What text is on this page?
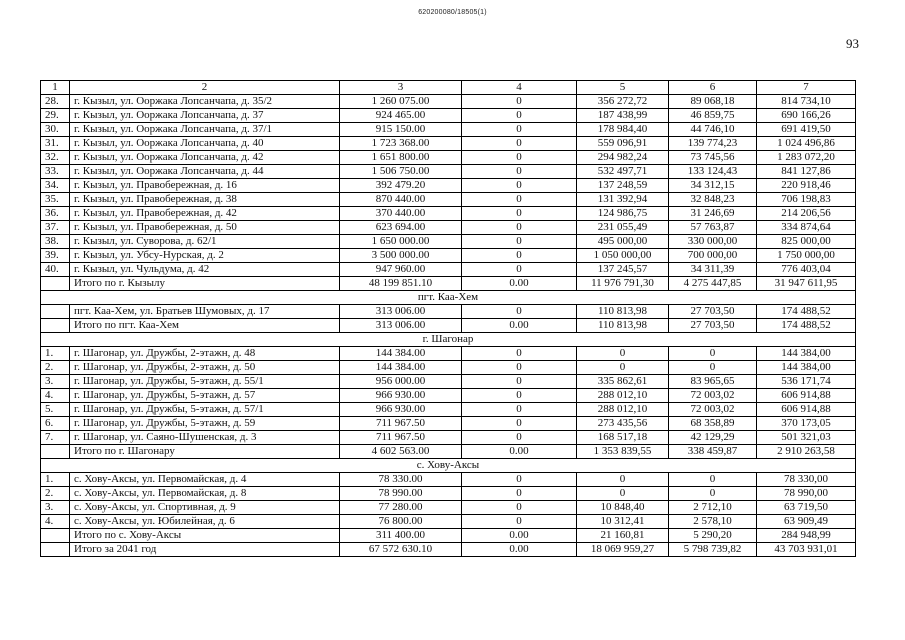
620200080/18505(1)
93
1	2	3	4	5	6	7
28.	г. Кызыл, ул. Ооржака Лопсанчапа, д. 35/2	1 260 075.00	0	356 272,72	89 068,18	814 734,10
29.	г. Кызыл, ул. Ооржака Лопсанчапа, д. 37	924 465.00	0	187 438,99	46 859,75	690 166,26
30.	г. Кызыл, ул. Ооржака Лопсанчапа, д. 37/1	915 150.00	0	178 984,40	44 746,10	691 419,50
31.	г. Кызыл, ул. Ооржака Лопсанчапа, д. 40	1 723 368.00	0	559 096,91	139 774,23	1 024 496,86
32.	г. Кызыл, ул. Ооржака Лопсанчапа, д. 42	1 651 800.00	0	294 982,24	73 745,56	1 283 072,20
33.	г. Кызыл, ул. Ооржака Лопсанчапа, д. 44	1 506 750.00	0	532 497,71	133 124,43	841 127,86
34.	г. Кызыл, ул. Правобережная, д. 16	392 479.20	0	137 248,59	34 312,15	220 918,46
35.	г. Кызыл, ул. Правобережная, д. 38	870 440.00	0	131 392,94	32 848,23	706 198,83
36.	г. Кызыл, ул. Правобережная, д. 42	370 440.00	0	124 986,75	31 246,69	214 206,56
37.	г. Кызыл, ул. Правобережная, д. 50	623 694.00	0	231 055,49	57 763,87	334 874,64
38.	г. Кызыл, ул. Суворова, д. 62/1	1 650 000.00	0	495 000,00	330 000,00	825 000,00
39.	г. Кызыл, ул. Убсу-Нурская, д. 2	3 500 000.00	0	1 050 000,00	700 000,00	1 750 000,00
40.	г. Кызыл, ул. Чульдума, д. 42	947 960.00	0	137 245,57	34 311,39	776 403,04
	Итого по г. Кызылу	48 199 851.10	0.00	11 976 791,30	4 275 447,85	31 947 611,95
пгт. Каа-Хем						
	пгт. Каа-Хем, ул. Братьев Шумовых, д. 17	313 006.00	0	110 813,98	27 703,50	174 488,52
	Итого по пгт. Каа-Хем	313 006.00	0.00	110 813,98	27 703,50	174 488,52
г. Шагонар						
1.	г. Шагонар, ул. Дружбы, 2-этажн, д. 48	144 384.00	0	0	0	144 384,00
2.	г. Шагонар, ул. Дружбы, 2-этажн, д. 50	144 384.00	0	0	0	144 384,00
3.	г. Шагонар, ул. Дружбы, 5-этажн, д. 55/1	956 000.00	0	335 862,61	83 965,65	536 171,74
4.	г. Шагонар, ул. Дружбы, 5-этажн, д. 57	966 930.00	0	288 012,10	72 003,02	606 914,88
5.	г. Шагонар, ул. Дружбы, 5-этажн, д. 57/1	966 930.00	0	288 012,10	72 003,02	606 914,88
6.	г. Шагонар, ул. Дружбы, 5-этажн, д. 59	711 967.50	0	273 435,56	68 358,89	370 173,05
7.	г. Шагонар, ул. Саяно-Шушенская, д. 3	711 967.50	0	168 517,18	42 129,29	501 321,03
	Итого по г. Шагонару	4 602 563.00	0.00	1 353 839,55	338 459,87	2 910 263,58
с. Хову-Аксы						
1.	с. Хову-Аксы, ул. Первомайская, д. 4	78 330.00	0	0	0	78 330,00
2.	с. Хову-Аксы, ул. Первомайская, д. 8	78 990.00	0	0	0	78 990,00
3.	с. Хову-Аксы, ул. Спортивная, д. 9	77 280.00	0	10 848,40	2 712,10	63 719,50
4.	с. Хову-Аксы, ул. Юбилейная, д. 6	76 800.00	0	10 312,41	2 578,10	63 909,49
	Итого по с. Хову-Аксы	311 400.00	0.00	21 160,81	5 290,20	284 948,99
	Итого за 2041 год	67 572 630.10	0.00	18 069 959,27	5 798 739,82	43 703 931,01
